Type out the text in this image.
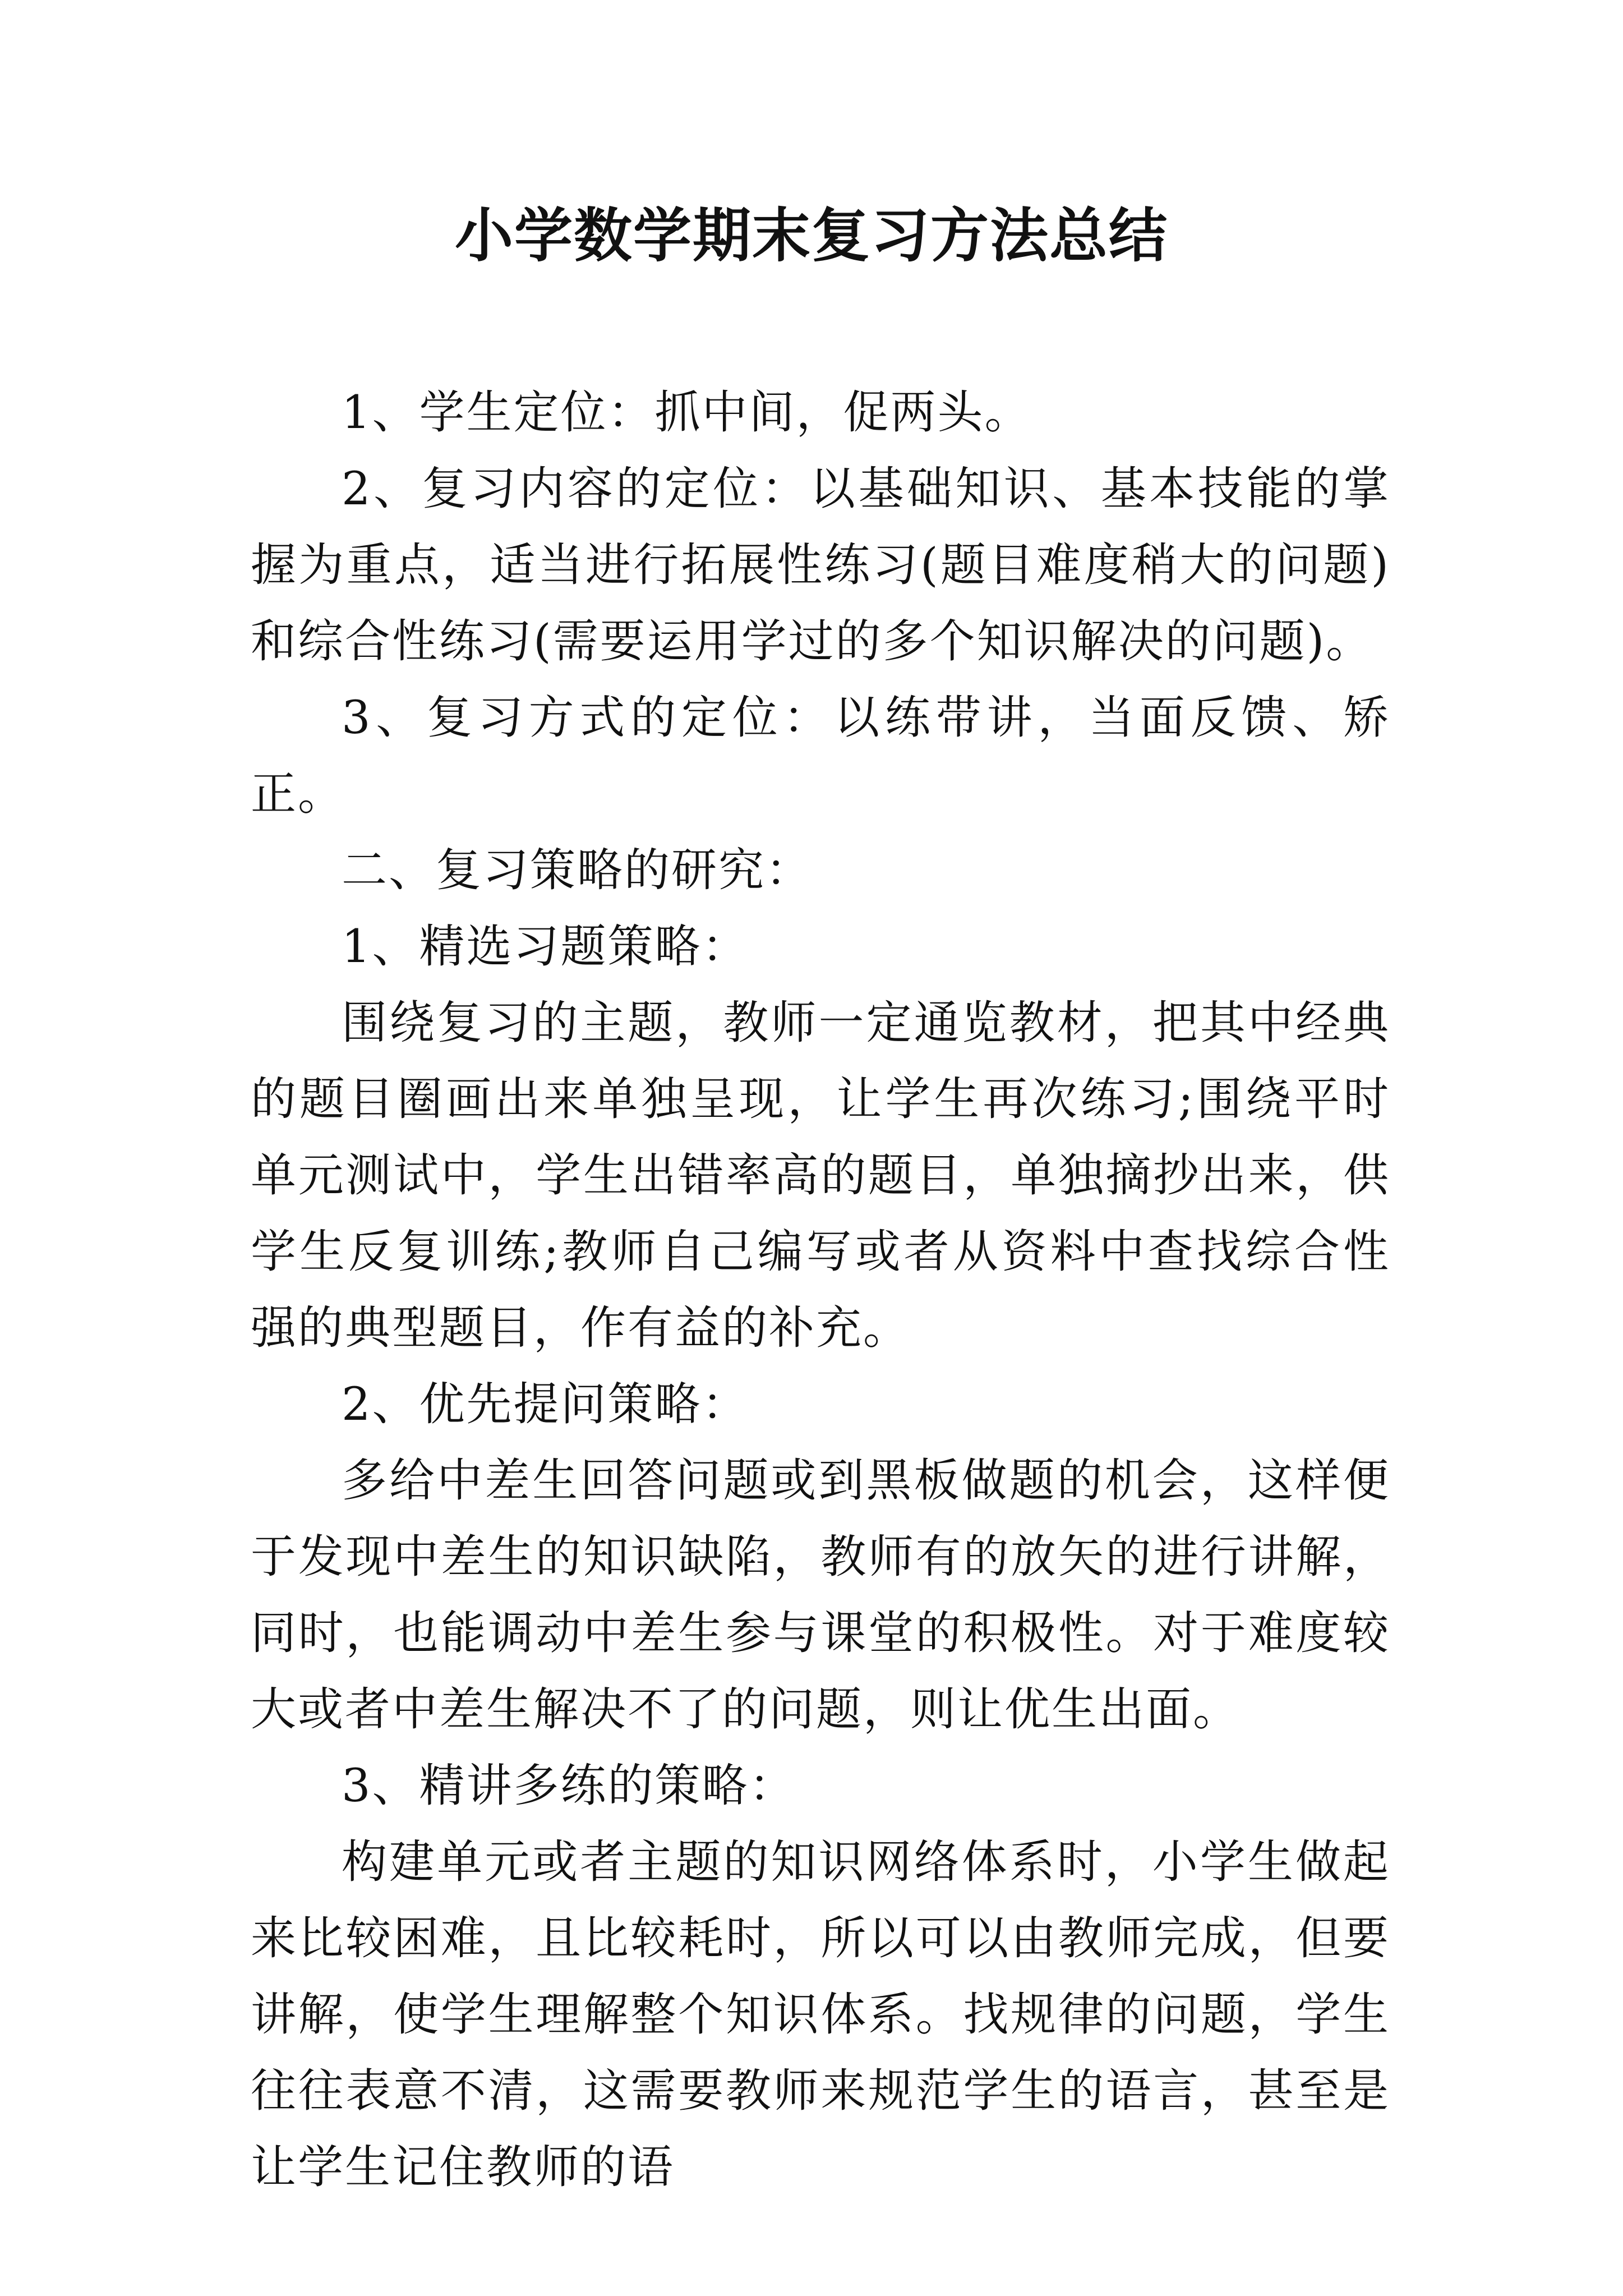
小学数学期末复习方法总结

1、学生定位：抓中间，促两头。

2、复习内容的定位：以基础知识、基本技能的掌握为重点，适当进行拓展性练习(题目难度稍大的问题)和综合性练习(需要运用学过的多个知识解决的问题)。

3、复习方式的定位：以练带讲，当面反馈、矫正。

二、复习策略的研究：

1、精选习题策略：

围绕复习的主题，教师一定通览教材，把其中经典的题目圈画出来单独呈现，让学生再次练习;围绕平时单元测试中，学生出错率高的题目，单独摘抄出来，供学生反复训练;教师自己编写或者从资料中查找综合性强的典型题目，作有益的补充。

2、优先提问策略：

多给中差生回答问题或到黑板做题的机会，这样便于发现中差生的知识缺陷，教师有的放矢的进行讲解，同时，也能调动中差生参与课堂的积极性。对于难度较大或者中差生解决不了的问题，则让优生出面。

3、精讲多练的策略：

构建单元或者主题的知识网络体系时，小学生做起来比较困难，且比较耗时，所以可以由教师完成，但要讲解，使学生理解整个知识体系。找规律的问题，学生往往表意不清，这需要教师来规范学生的语言，甚至是让学生记住教师的语
